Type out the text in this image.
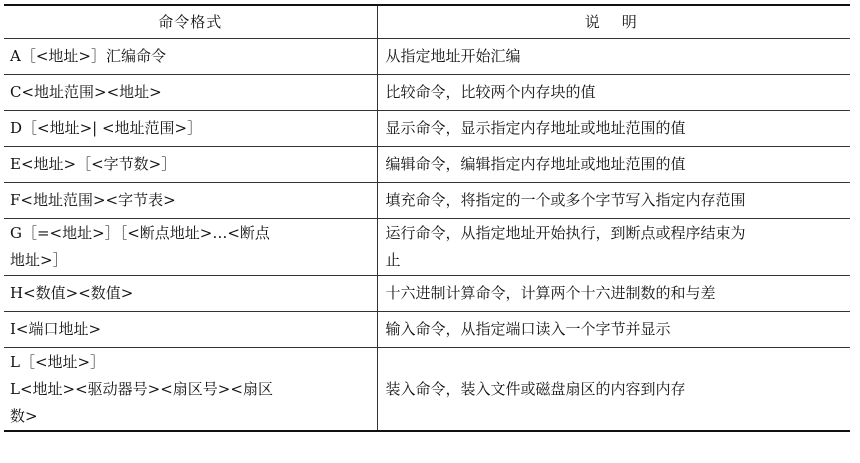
命令格式	说明

A［<地址>］汇编命令	从指定地址开始汇编

C<地址范围><地址>	比较命令，比较两个内存块的值

D［<地址>| <地址范围>］	显示命令，显示指定内存地址或地址范围的值

E<地址>［<字节数>］	编辑命令，编辑指定内存地址或地址范围的值

F<地址范围><字节表>	填充命令，将指定的一个或多个字节写入指定内存范围

G［=<地址>］［<断点地址>…<断点
地址>］	运行命令，从指定地址开始执行，到断点或程序结束为
止

H<数值><数值>	十六进制计算命令，计算两个十六进制数的和与差

I<端口地址>	输入命令，从指定端口读入一个字节并显示

L［<地址>］
L<地址><驱动器号><扇区号><扇区
数>	装入命令，装入文件或磁盘扇区的内容到内存
